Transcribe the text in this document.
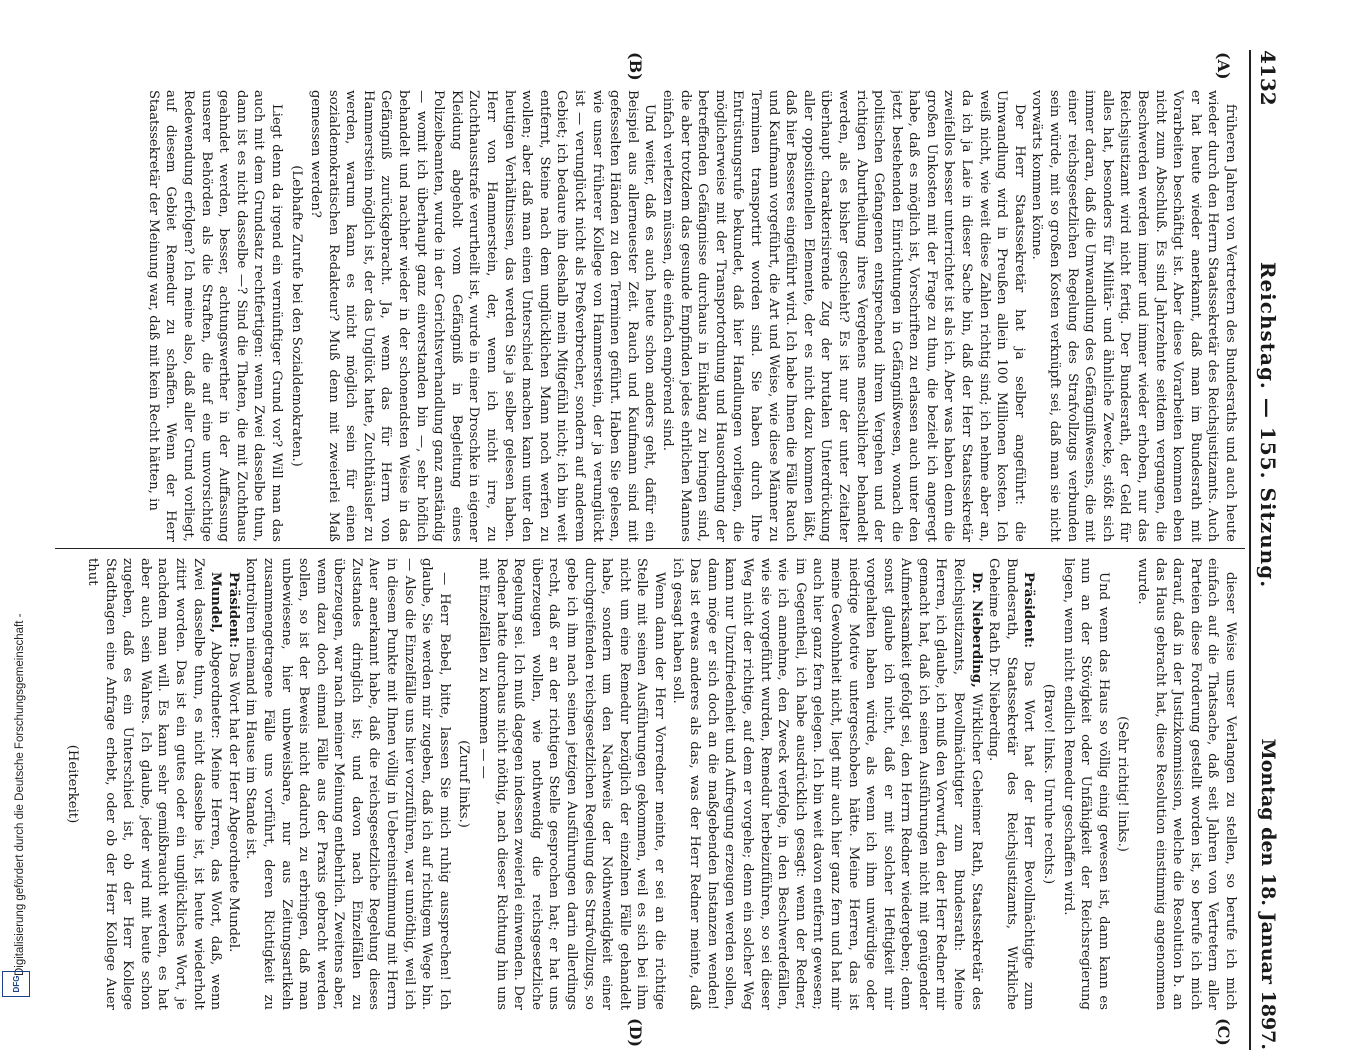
4132
Reichstag. — 155. Sitzung.
Montag den 18. Januar 1897.
(A)
(B)
(C)
(D)

früheren Jahren von Vertretern des Bundesraths und auch heute wieder durch den Herrn Staatssekretär des Reichsjustizamts. Auch er hat heute wieder anerkannt, daß man im Bundesrath mit Vorarbeiten beschäftigt ist. Aber diese Vorarbeiten kommen eben nicht zum Abschluß. Es sind Jahrzehnte seitdem vergangen, die Beschwerden werden immer und immer wieder erhoben, nur das Reichsjustizamt wird nicht fertig. Der Bundesrath, der Geld für alles hat, besonders für Militär- und ähnliche Zwecke, stößt sich immer daran, daß die Umwandlung des Gefängnißwesens, die mit einer reichsgesetzlichen Regelung des Strafvollzugs verbunden sein würde, mit so großen Kosten verknüpft sei, daß man sie nicht vorwärts kommen könne.

Der Herr Staatssekretär hat ja selber angeführt: die Umwandlung wird in Preußen allein 100 Millionen kosten. Ich weiß nicht, wie weit diese Zahlen richtig sind; ich nehme aber an, da ich ja Laie in dieser Sache bin, daß der Herr Staatssekretär zweifellos besser unterrichtet ist als ich. Aber was haben denn die großen Unkosten mit der Frage zu thun, die bezielt ich angeregt habe, daß es möglich ist, Vorschriften zu erlassen auch unter den jetzt bestehenden Einrichtungen in Gefängnißwesen, wonach die politischen Gefangenen entsprechend ihrem Vergehen und der richtigen Aburtheilung ihres Vergehens menschlicher behandelt werden, als es bisher geschieht? Es ist nur der unter Zeitalter überhaupt charakterisirende Zug der brutalen Unterdrückung aller oppositionellen Elemente, der es nicht dazu kommen läßt, daß hier Besseres eingeführt wird. Ich habe Ihnen die Fälle Rauch und Kaufmann vorgeführt, die Art und Weise, wie diese Männer zu Terminen transportirt worden sind. Sie haben durch Ihre Entrüstungsrufe bekundet, daß hier Handlungen vorliegen, die möglicherweise mit der Transportordnung und Hausordnung der betreffenden Gefängnisse durchaus in Einklang zu bringen sind, die aber trotzdem das gesunde Empfinden jedes ehrlichen Mannes einfach verletzen müssen, die einfach empörend sind.

Und weiter, daß es auch heute schon anders geht, dafür ein Beispiel aus allerneuester Zeit. Rauch und Kaufmann sind mit gefesselten Händen zu den Terminen geführt. Haben Sie gelesen, wie unser früherer Kollege von Hammerstein, der ja verunglückt ist — verunglückt nicht als Preßverbrecher, sondern auf anderem Gebiet; ich bedaure ihn deshalb mein Mitgefühl nicht; ich bin weit entfernt, Steine nach dem unglücklichen Mann noch werfen zu wollen; aber daß man einen Unterschied machen kann unter den heutigen Verhältnissen, das werden Sie ja selber gelesen haben. Herr von Hammerstein, der, wenn ich nicht irre, zu Zuchthausstrafe verurtheilt ist, wurde in einer Droschke in eigener Kleidung abgeholt vom Gefängniß in Begleitung eines Polizeibeamten, wurde in der Gerichtsverhandlung ganz anständig — womit ich überhaupt ganz einverstanden bin —, sehr höflich behandelt und nachher wieder in der schonendsten Weise in das Gefängniß zurückgebracht. Ja, wenn das für Herrn von Hammerstein möglich ist, der das Unglück hatte, Zuchthäusler zu werden, warum kann es nicht möglich sein für einen sozialdemokratischen Redakteur? Muß denn mit zweierlei Maß gemessen werden?

(Lebhafte Zurufe bei den Sozialdemokraten.)

Liegt denn da irgend ein vernünftiger Grund vor? Will man das auch mit dem Grundsatz rechtfertigen: wenn Zwei dasselbe thun, dann ist es nicht dasselbe —? Sind die Thaten, die mit Zuchthaus geahndet werden, besser, achtungswerther in der Auffassung unserer Behörden als die Straften, die auf eine unvorsichtige Redewendung erfolgen? Ich meine also, daß aller Grund vorliegt, auf diesem Gebiet Remedur zu schaffen. Wenn der Herr Staatssekretär der Meinung war, daß mit kein Recht hätten, in

dieser Weise unser Verlangen zu stellen, so berufe ich mich einfach auf die Thatsache, daß seit Jahren von Vertretern aller Parteien diese Forderung gestellt worden ist, so berufe ich mich darauf, daß in der Justizkommission, welche die Resolution b. an das Haus gebracht hat, diese Resolution einstimmig angenommen wurde.

(Sehr richtig! links.)

Und wenn das Haus so völlig einig gewesen ist, dann kann es nun an der Stövigkeit oder Unfähigkeit der Reichsregierung liegen, wenn nicht endlich Remedur geschaffen wird.

(Bravo! links. Unruhe rechts.)

Präsident: Das Wort hat der Herr Bevollmächtigte zum Bundesrath, Staatssekretär des Reichsjustizamts, Wirkliche Geheime Rath Dr. Nieberding.

Dr. Nieberding, Wirklicher Geheimer Rath, Staatssekretär des Reichsjustizamts, Bevollmächtigter zum Bundesrath: Meine Herren, ich glaube, ich muß den Vorwurf, den der Herr Redner mir gemacht hat, daß ich seinen Ausführungen nicht mit genügender Aufmerksamkeit gefolgt sei, den Herrn Redner wiedergeben; denn sonst glaube ich nicht, daß er mit solcher Heftigkeit mir vorgehalten haben würde, als wenn ich ihm unwürdige oder niedrige Motive untergeschoben hätte. Meine Herren, das ist meine Gewohnheit nicht, liegt mir auch hier ganz fern und hat mir auch hier ganz fern gelegen. Ich bin weit davon entfernt gewesen; im Gegentheil, ich habe ausdrücklich gesagt: wenn der Redner, wie ich annehme, den Zweck verfolge, in den Beschwerdefällen, wie sie vorgeführt wurden, Remedur herbeizuführen, so sei dieser Weg nicht der richtige, auf dem er vorgehe; denn ein solcher Weg kann nur Unzufriedenheit und Aufregung erzeugen werden sollen, dann möge er sich doch an die maßgebenden Instanzen wenden! Das ist etwas anderes als das, was der Herr Redner meinte, daß ich gesagt haben soll.

Wenn dann der Herr Vorredner meinte, er sei an die richtige Stelle mit seinen Ausführungen gekommen, weil es sich bei ihm nicht um eine Remedur bezüglich der einzelnen Fälle gehandelt habe, sondern um den Nachweis der Nothwendigkeit einer durchgreifenden reichsgesetzlichen Regelung des Strafvollzugs, so gebe ich ihm nach seinen jetzigen Ausführungen darin allerdings recht, daß er an der richtigen Stelle gesprochen hat; er hat uns überzeugen wollen, wie nothwendig die reichsgesetzliche Regelung sei. Ich muß dagegen indessen zweierlei einwenden. Der Redner hatte durchaus nicht nöthig, nach dieser Richtung hin uns mit Einzelfällen zu kommen — —

(Zuruf links.)

— Herr Bebel, bitte, lassen Sie mich ruhig aussprechen! Ich glaube, Sie werden mir zugeben, daß ich auf richtigem Wege bin. — Also die Einzelfälle uns hier vorzuführen, war unnöthig, weil ich in diesem Punkte mit Ihnen völlig in Uebereinstimmung mit Herrn Auer anerkannt habe, daß die reichsgesetzliche Regelung dieses Zustandes dringlich ist; und davon nach Einzelfällen zu überzeugen, war nach meiner Meinung entbehrlich. Zweitens aber, wenn dazu doch einmal Fälle aus der Praxis gebracht werden sollen, so ist der Beweis nicht dadurch zu erbringen, daß man unbewiesene, hier unbeweisbare, nur aus Zeitungsartikeln zusammengetragene Fälle uns vorführt, deren Richtigkeit zu kontroliren niemand im Hause im Stande ist.

Präsident: Das Wort hat der Herr Abgeordnete Mundel.

Mundel, Abgeordneter: Meine Herren, das Wort, daß, wenn Zwei dasselbe thun, es nicht dasselbe ist, ist heute wiederholt zitirt worden. Das ist ein gutes oder ein unglückliches Wort, je nachdem man will. Es kann sehr gemißbraucht werden, es hat aber auch sein Wahres. Ich glaube, jeder wird mit heute schon zugeben, daß es ein Unterschied ist, ob der Herr Kollege Stadthagen eine Anfrage erhebt, oder ob der Herr Kollege Auer thut

(Heiterkeit)

Digitalisierung gefördert durch die Deutsche Forschungsgemeinschaft -
DFG
